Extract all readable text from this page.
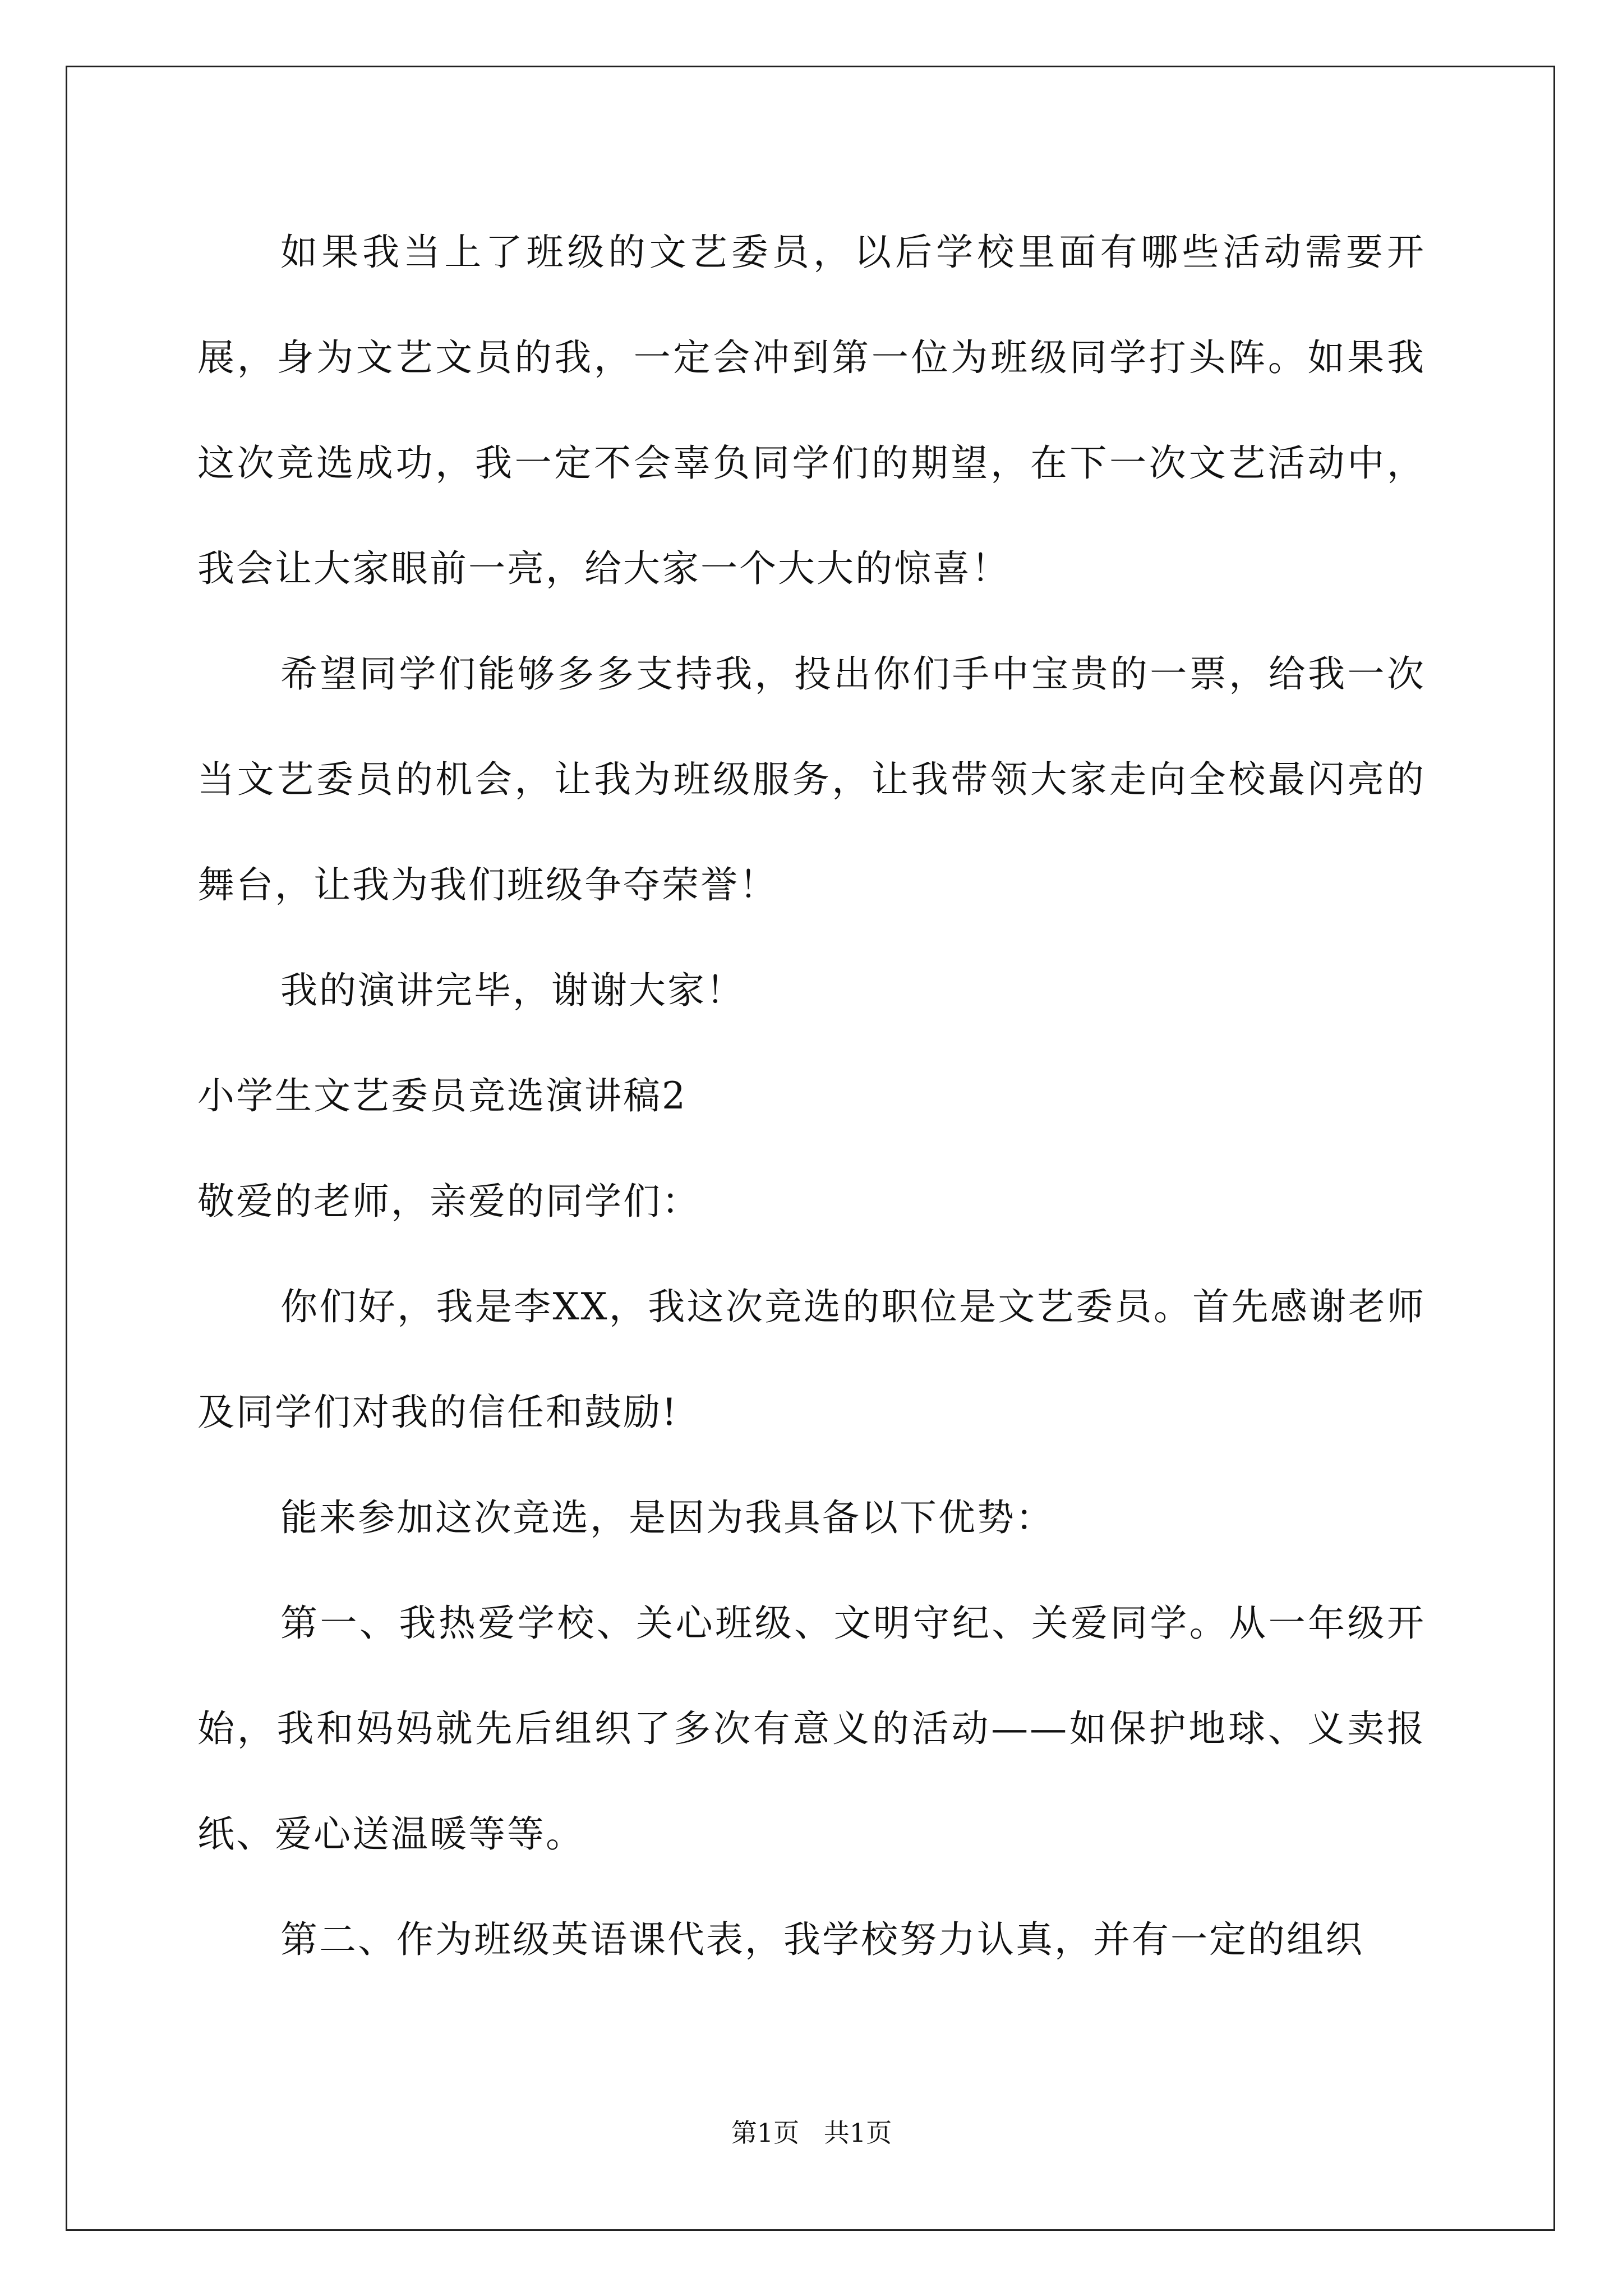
如果我当上了班级的文艺委员，以后学校里面有哪些活动需要开展，身为文艺文员的我，一定会冲到第一位为班级同学打头阵。如果我这次竞选成功，我一定不会辜负同学们的期望，在下一次文艺活动中，我会让大家眼前一亮，给大家一个大大的惊喜！

希望同学们能够多多支持我，投出你们手中宝贵的一票，给我一次当文艺委员的机会，让我为班级服务，让我带领大家走向全校最闪亮的舞台，让我为我们班级争夺荣誉！

我的演讲完毕，谢谢大家！

小学生文艺委员竞选演讲稿2

敬爱的老师，亲爱的同学们：

你们好，我是李XX，我这次竞选的职位是文艺委员。首先感谢老师及同学们对我的信任和鼓励!

能来参加这次竞选，是因为我具备以下优势：

第一、我热爱学校、关心班级、文明守纪、关爱同学。从一年级开始，我和妈妈就先后组织了多次有意义的活动——如保护地球、义卖报纸、爱心送温暖等等。

第二、作为班级英语课代表，我学校努力认真，并有一定的组织

第1页   共1页
